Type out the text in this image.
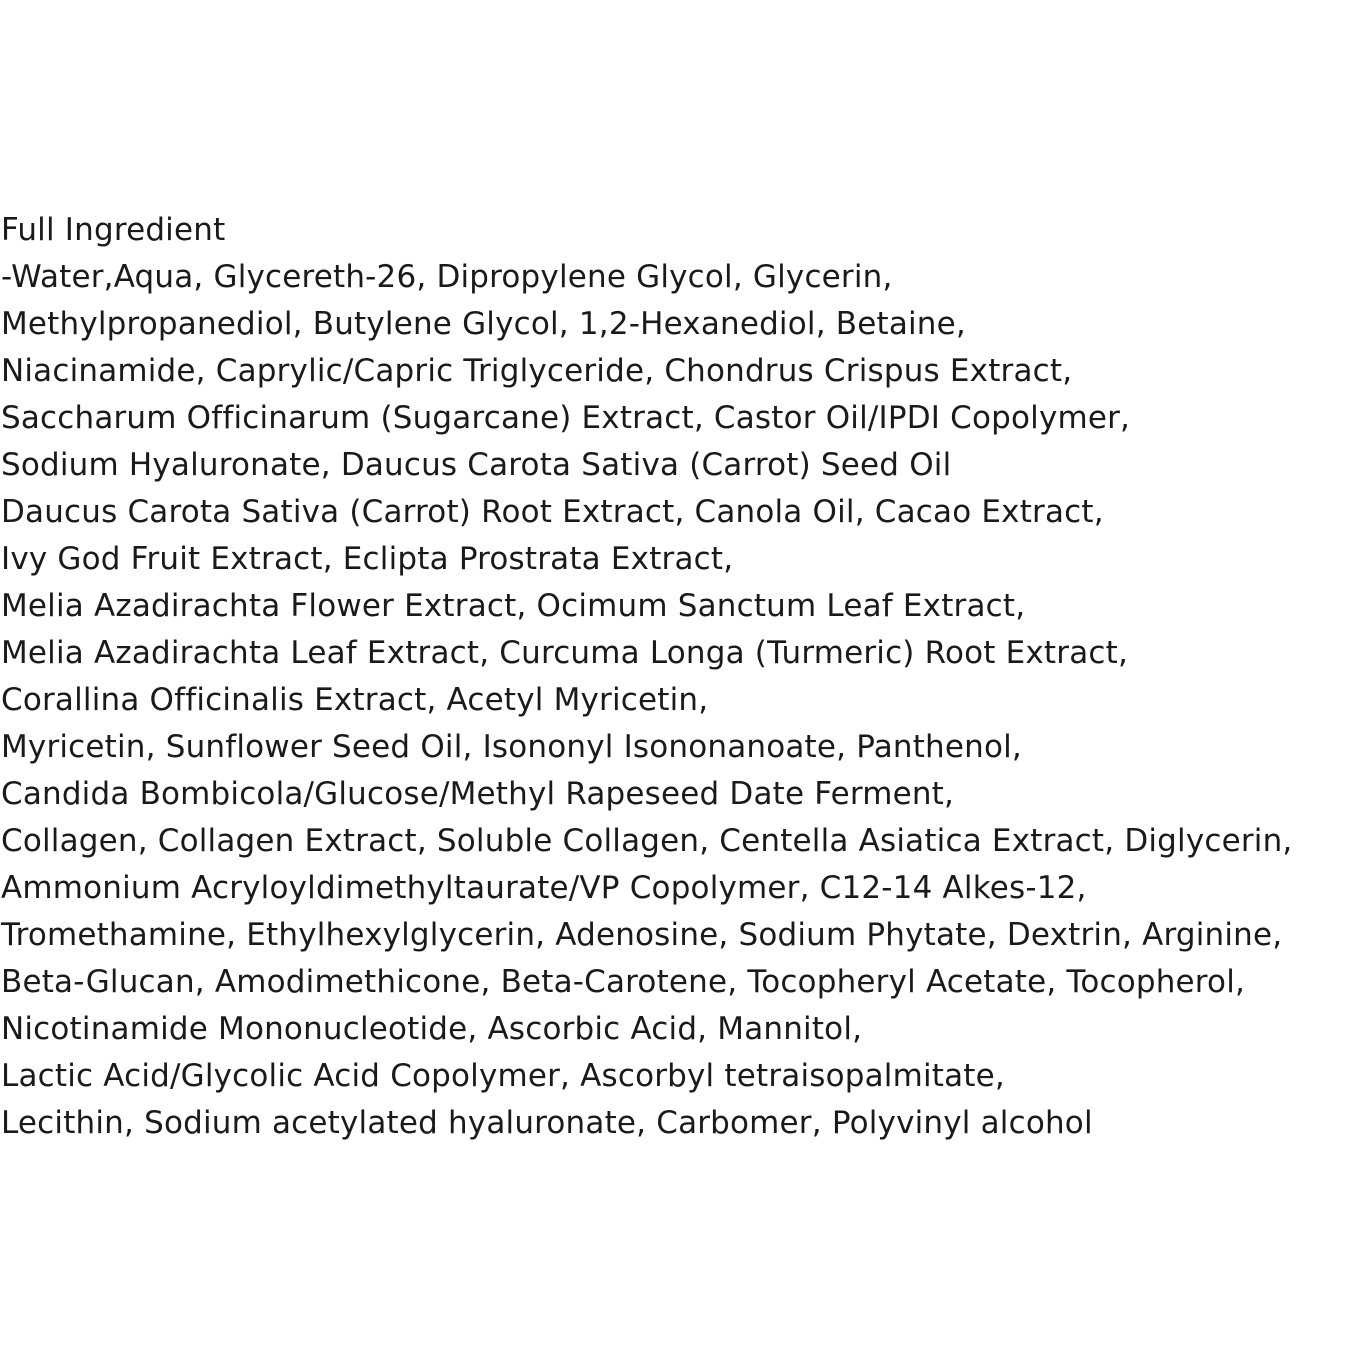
Full Ingredient
-Water,Aqua, Glycereth-26, Dipropylene Glycol, Glycerin,
Methylpropanediol, Butylene Glycol, 1,2-Hexanediol, Betaine,
Niacinamide, Caprylic/Capric Triglyceride, Chondrus Crispus Extract,
Saccharum Officinarum (Sugarcane) Extract, Castor Oil/IPDI Copolymer,
Sodium Hyaluronate, Daucus Carota Sativa (Carrot) Seed Oil
Daucus Carota Sativa (Carrot) Root Extract, Canola Oil, Cacao Extract,
Ivy God Fruit Extract, Eclipta Prostrata Extract,
Melia Azadirachta Flower Extract, Ocimum Sanctum Leaf Extract,
Melia Azadirachta Leaf Extract, Curcuma Longa (Turmeric) Root Extract,
Corallina Officinalis Extract, Acetyl Myricetin,
Myricetin, Sunflower Seed Oil, Isononyl Isononanoate, Panthenol,
Candida Bombicola/Glucose/Methyl Rapeseed Date Ferment,
Collagen, Collagen Extract, Soluble Collagen, Centella Asiatica Extract, Diglycerin,
Ammonium Acryloyldimethyltaurate/VP Copolymer, C12-14 Alkes-12,
Tromethamine, Ethylhexylglycerin, Adenosine, Sodium Phytate, Dextrin, Arginine,
Beta-Glucan, Amodimethicone, Beta-Carotene, Tocopheryl Acetate, Tocopherol,
Nicotinamide Mononucleotide, Ascorbic Acid, Mannitol,
Lactic Acid/Glycolic Acid Copolymer, Ascorbyl tetraisopalmitate,
Lecithin, Sodium acetylated hyaluronate, Carbomer, Polyvinyl alcohol
